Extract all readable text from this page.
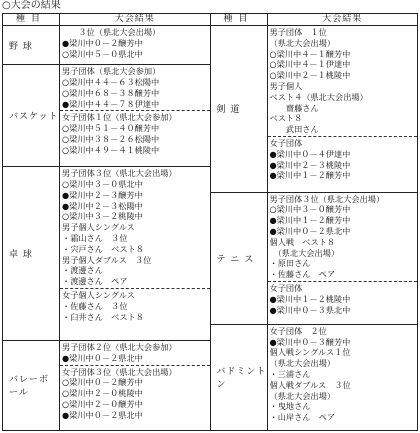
○大会の結果
種目	大会結果
野 球
　　３位（県北大会出場）
●梁川中０－２醸芳中
○梁川中５－０県北中
バスケット
男子団体（県北大会参加）
○梁川中４４－６３松陽中
○梁川中６８－３８醸芳中
●梁川中４４－７８伊達中
女子団体１位（県北大会参加）
○梁川中５１－４０醸芳中
○梁川中３８－２６松陽中
○梁川中４９－４１桃陵中
卓 球
男子団体３位（県北大会出場）
○梁川中３－０県北中
●梁川中２－３醸芳中
●梁川中２－３松陽中
○梁川中３－２桃陵中
男子個人シングルス
・霜山さん　３位
・宍戸さん　ベスト８
男子個人ダブルス　３位
・渡邊さん
・渡邊さん　ペア
女子個人シングルス
・佐藤さん　３位
・臼井さん　ベスト８
バレーボール
男子団体２位（県北大会参加）
●梁川中０－２県北中
女子団体３位（県北大会出場）
○梁川中０－２醸芳中
○梁川中２－０桃陵中
○梁川中２－０醸芳中
●梁川中０－２県北中
種目	大会結果
剣 道
男子団体　１位
（県北大会出場）
○梁川中４－１醸芳中
○梁川中４－１伊達中
○梁川中２－１桃陵中
男子個人
ベスト４（県北大会出場）
　　齋藤さん
ベスト８
　　武田さん
女子団体
●梁川中０－４伊達中
●梁川中２－３桃陵中
●梁川中１－２醸芳中
テ ニ ス
男子団体３位（県北大会出場）
○梁川中３－０醸芳中
●梁川中１－２醸芳中
●梁川中０－２県北中
個人戦　ベスト８
　（県北大会出場）
・原田さん
・佐藤さん　ペア
女子団体
●梁川中１－２桃陵中
●梁川中０－３県北中
バドミントン
女子団体　２位
●梁川中０－３醸芳中
個人戦シングルス１位
（県北大会出場）
・三浦さん
個人戦ダブルス　３位
（県北大会出場）
・曳地さん
・山岸さん　ペア
